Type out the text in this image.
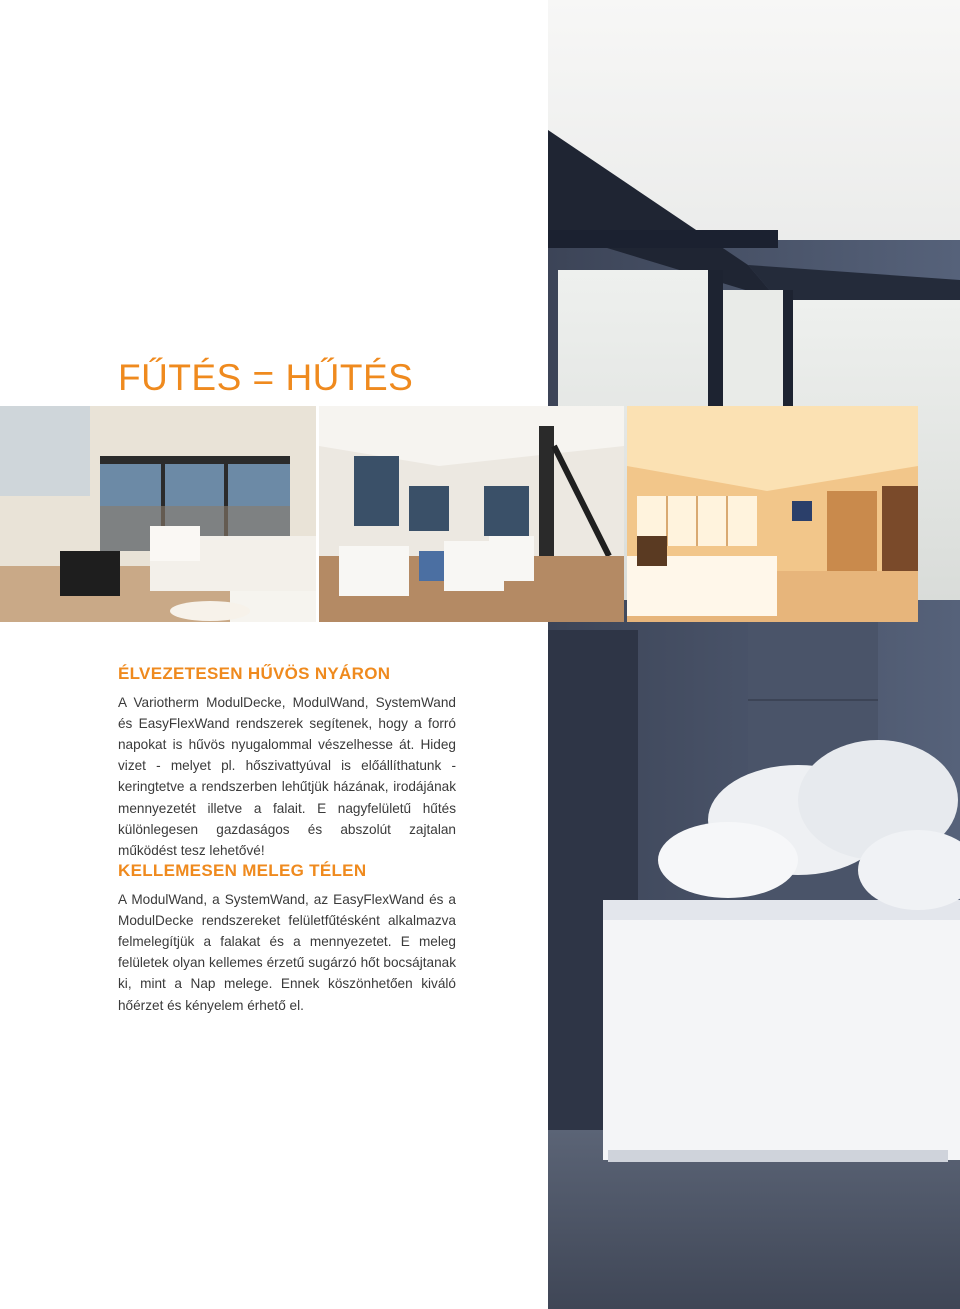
FŰTÉS = HŰTÉS
ÉLVEZETESEN HŰVÖS NYÁRON

A Variotherm ModulDecke, ModulWand, SystemWand és EasyFlexWand rendszerek segítenek, hogy a forró napokat is hűvös nyugalommal vészelhesse át. Hideg vizet - melyet pl. hőszivattyúval is előállíthatunk - keringtetve a rendszerben lehűtjük házának, irodájának mennyezetét illetve a falait. E nagyfelületű hűtés különlegesen gazdaságos és abszolút zajtalan működést tesz lehetővé!

KELLEMESEN MELEG TÉLEN

A ModulWand, a SystemWand, az EasyFlexWand és a ModulDecke rendszereket felületfűtésként alkalmazva felmelegítjük a falakat és a mennyezetet. E meleg felületek olyan kellemes érzetű sugárzó hőt bocsájtanak ki, mint a Nap melege. Ennek köszönhetően kiváló hőérzet és kényelem érhető el.
